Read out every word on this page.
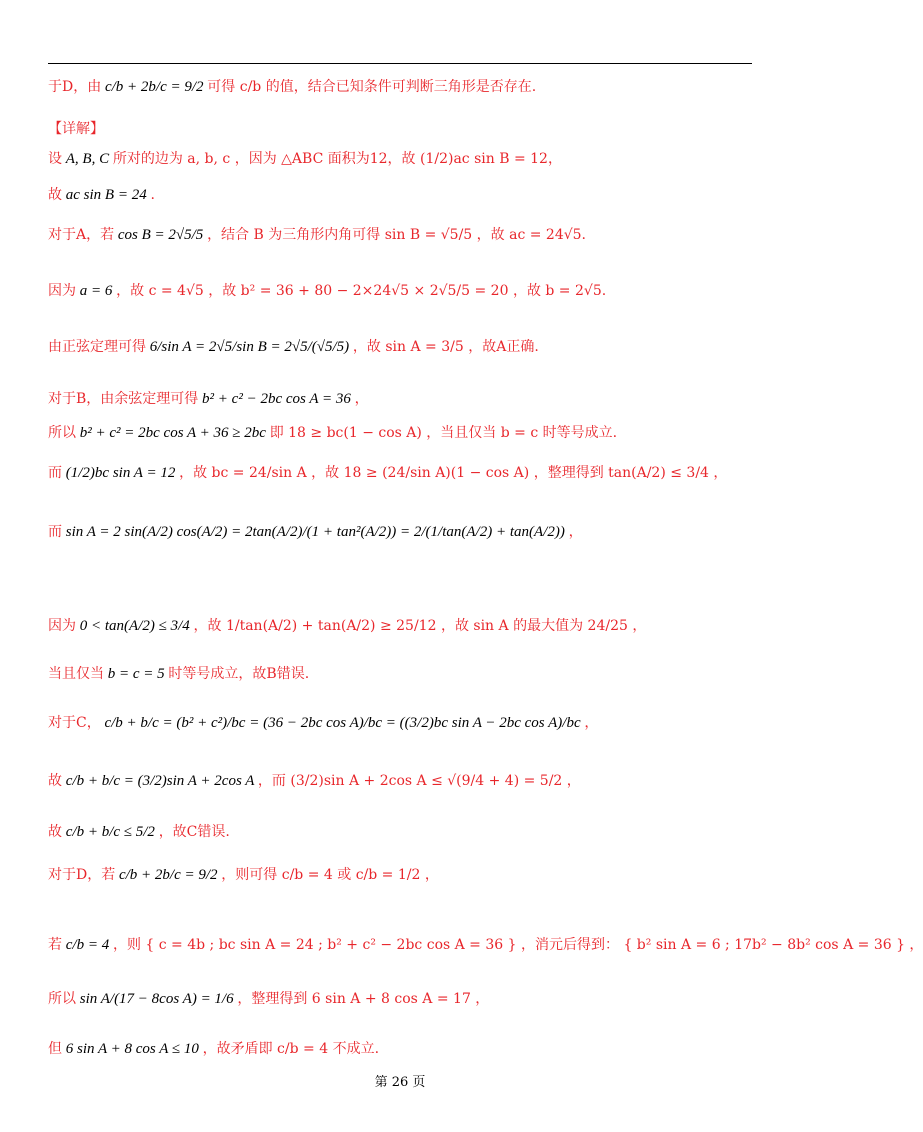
于D，由 c/b + 2b/c = 9/2 可得 c/b 的值，结合已知条件可判断三角形是否存在.
【详解】
设 A, B, C 所对的边为 a, b, c ，因为 △ABC 面积为12，故 (1/2)ac sin B = 12，
故 ac sin B = 24 .
对于A，若 cos B = 2√5/5 ，结合 B 为三角形内角可得 sin B = √5/5 ，故 ac = 24√5.
因为 a = 6 ，故 c = 4√5 ，故 b² = 36 + 80 − 2×24√5 × 2√5/5 = 20 ，故 b = 2√5.
由正弦定理可得 6/sin A = 2√5/sin B = 2√5/(√5/5) ，故 sin A = 3/5 ，故A正确.
对于B，由余弦定理可得 b² + c² − 2bc cos A = 36 ，
所以 b² + c² = 2bc cos A + 36 ≥ 2bc 即 18 ≥ bc(1 − cos A) ，当且仅当 b = c 时等号成立.
而 (1/2)bc sin A = 12 ，故 bc = 24/sin A ，故 18 ≥ (24/sin A)(1 − cos A) ，整理得到 tan(A/2) ≤ 3/4 ，
而 sin A = 2 sin(A/2) cos(A/2) = 2tan(A/2)/(1 + tan²(A/2)) = 2/(1/tan(A/2) + tan(A/2)) ，
因为 0 < tan(A/2) ≤ 3/4 ，故 1/tan(A/2) + tan(A/2) ≥ 25/12 ，故 sin A 的最大值为 24/25 ，
当且仅当 b = c = 5 时等号成立，故B错误.
对于C， c/b + b/c = (b² + c²)/bc = (36 − 2bc cos A)/bc = ((3/2)bc sin A − 2bc cos A)/bc ，
故 c/b + b/c = (3/2)sin A + 2cos A ，而 (3/2)sin A + 2cos A ≤ √(9/4 + 4) = 5/2 ，
故 c/b + b/c ≤ 5/2 ，故C错误.
对于D，若 c/b + 2b/c = 9/2 ，则可得 c/b = 4 或 c/b = 1/2 ，
若 c/b = 4 ，则 { c = 4b ; bc sin A = 24 ; b² + c² − 2bc cos A = 36 } ，消元后得到： { b² sin A = 6 ; 17b² − 8b² cos A = 36 } ，
所以 sin A/(17 − 8cos A) = 1/6 ，整理得到 6 sin A + 8 cos A = 17 ，
但 6 sin A + 8 cos A ≤ 10 ，故矛盾即 c/b = 4 不成立.
第 26 页
